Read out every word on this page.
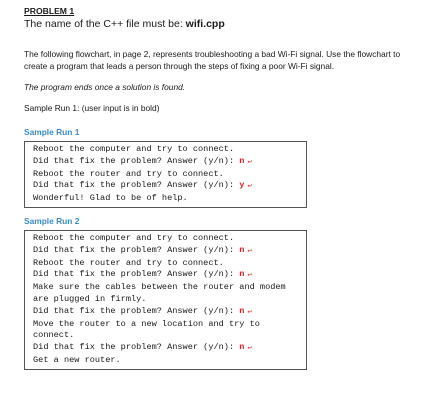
PROBLEM 1
The name of the C++ file must be: wifi.cpp
The following flowchart, in page 2, represents troubleshooting a bad Wi-Fi signal. Use the flowchart to create a program that leads a person through the steps of fixing a poor Wi-Fi signal.
The program ends once a solution is found.
Sample Run 1: (user input is in bold)
Sample Run 1
Reboot the computer and try to connect.
Did that fix the problem? Answer (y/n): n ↵
Reboot the router and try to connect.
Did that fix the problem? Answer (y/n): y ↵
Wonderful! Glad to be of help.
Sample Run 2
Reboot the computer and try to connect.
Did that fix the problem? Answer (y/n): n ↵
Reboot the router and try to connect.
Did that fix the problem? Answer (y/n): n ↵
Make sure the cables between the router and modem are plugged in firmly.
Did that fix the problem? Answer (y/n): n ↵
Move the router to a new location and try to connect.
Did that fix the problem? Answer (y/n): n ↵
Get a new router.
